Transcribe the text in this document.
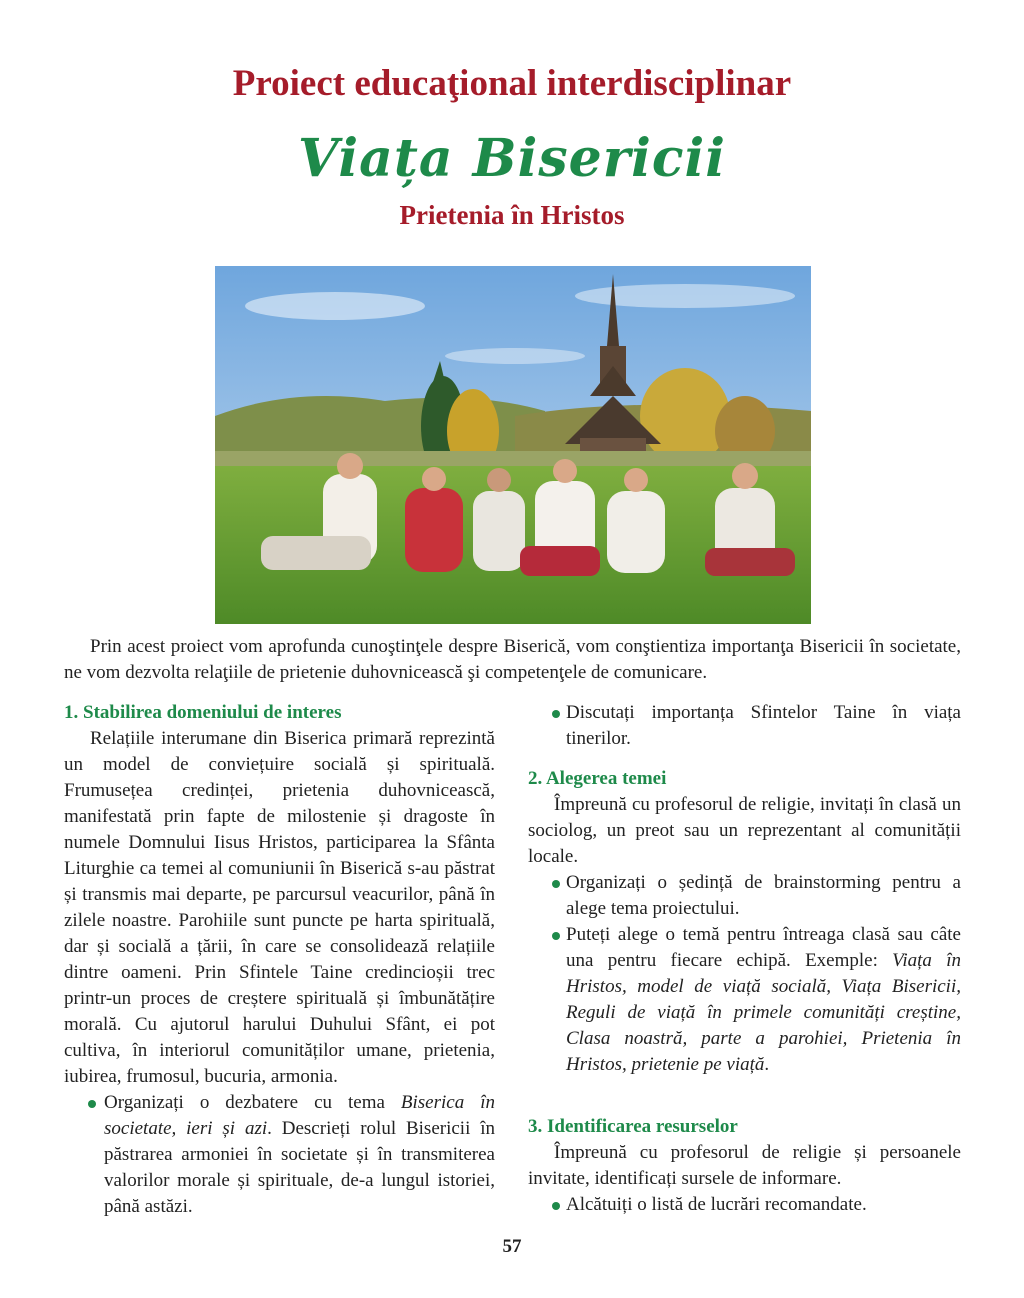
Proiect educaţional interdisciplinar
Viața Bisericii
Prietenia în Hristos

Prin acest proiect vom aprofunda cunoştinţele despre Biserică, vom conştientiza importanţa Bisericii în societate, ne vom dezvolta relaţiile de prietenie duhovnicească şi competenţele de comunicare.

1. Stabilirea domeniului de interes

Relațiile interumane din Biserica primară reprezintă un model de conviețuire socială și spirituală. Frumusețea credinței, prietenia duhovnicească, manifestată prin fapte de milostenie și dragoste în numele Domnului Iisus Hristos, participarea la Sfânta Liturghie ca temei al comuniunii în Biserică s-au păstrat și transmis mai departe, pe parcursul veacurilor, până în zilele noastre. Parohiile sunt puncte pe harta spirituală, dar și socială a țării, în care se consolidează relațiile dintre oameni. Prin Sfintele Taine credincioșii trec printr-un proces de creștere spirituală și îmbunătățire morală. Cu ajutorul harului Duhului Sfânt, ei pot cultiva, în interiorul comunităților umane, prietenia, iubirea, frumosul, bucuria, armonia.

Organizați o dezbatere cu tema Biserica în societate, ieri și azi. Descrieți rolul Bisericii în păstrarea armoniei în societate și în transmiterea valorilor morale și spirituale, de-a lungul istoriei, până astăzi.

Discutați importanța Sfintelor Taine în viața tinerilor.

2. Alegerea temei

Împreună cu profesorul de religie, invitați în clasă un sociolog, un preot sau un reprezentant al comunității locale.

Organizați o ședință de brainstorming pentru a alege tema proiectului.

Puteți alege o temă pentru întreaga clasă sau câte una pentru fiecare echipă. Exemple: Viața în Hristos, model de viață socială, Viața Bisericii, Reguli de viață în primele comunități creștine, Clasa noastră, parte a parohiei, Prietenia în Hristos, prietenie pe viață.

3. Identificarea resurselor

Împreună cu profesorul de religie și persoanele invitate, identificați sursele de informare.

Alcătuiți o listă de lucrări recomandate.

57
